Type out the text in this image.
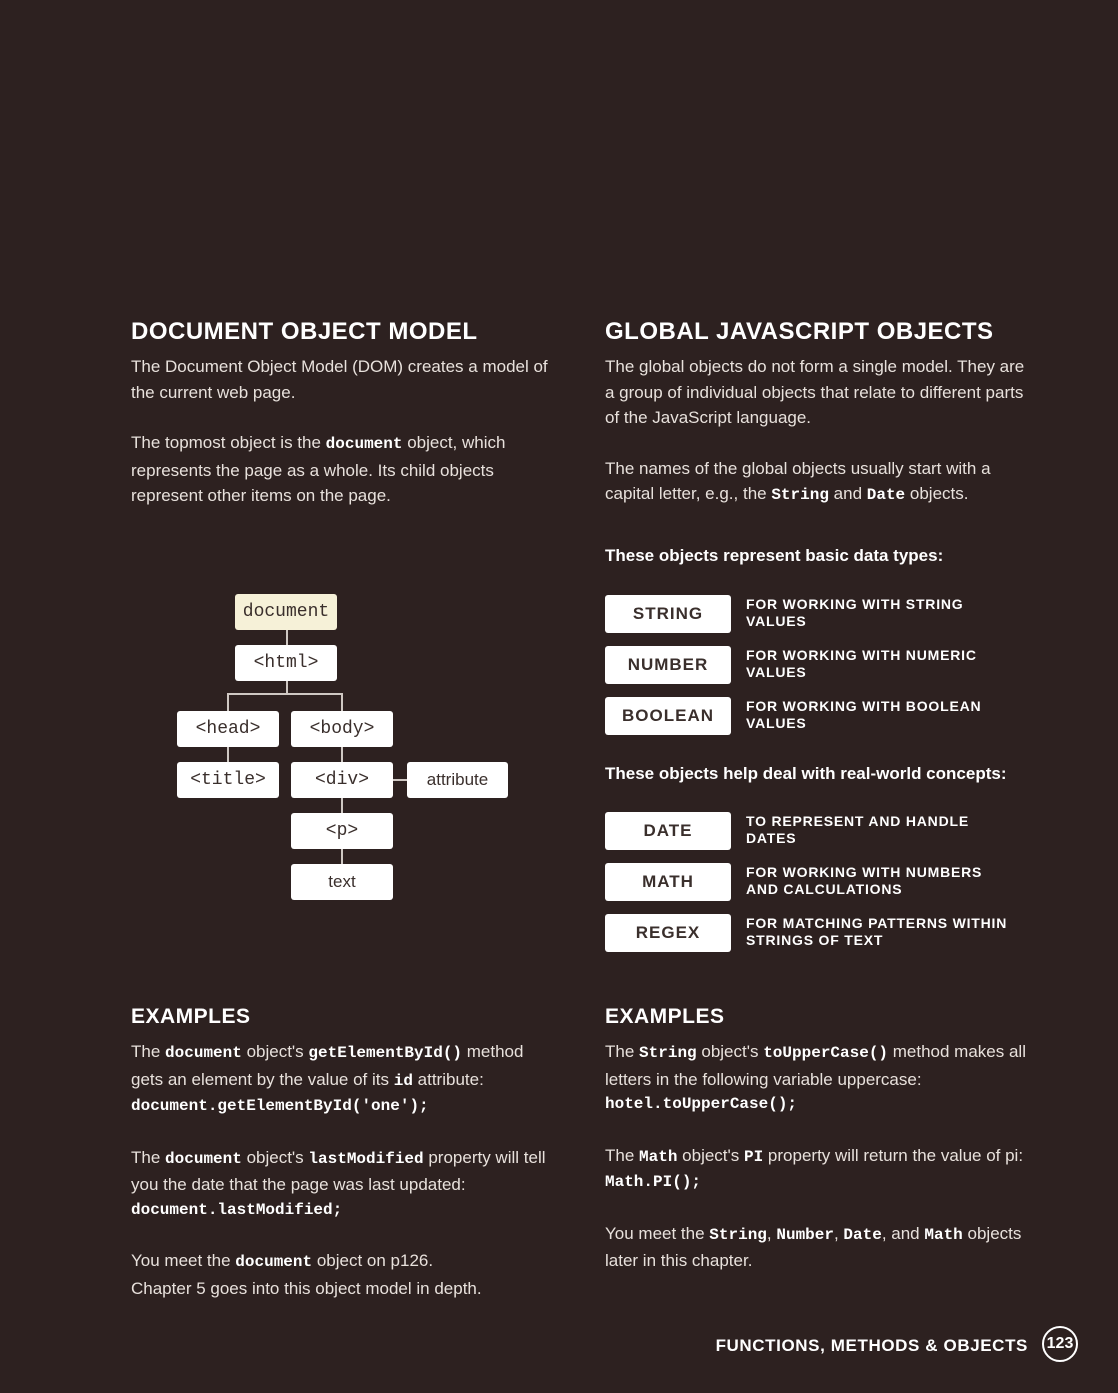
DOCUMENT OBJECT MODEL

The Document Object Model (DOM) creates a model of the current web page.

The topmost object is the document object, which represents the page as a whole. Its child objects represent other items on the page.

document
<html>
<head>	<body>
<title>	<div>	attribute
<p>
text
EXAMPLES

The document object's getElementById() method gets an element by the value of its id attribute:
document.getElementById('one');

The document object's lastModified property will tell you the date that the page was last updated:
document.lastModified;

You meet the document object on p126.
Chapter 5 goes into this object model in depth.

GLOBAL JAVASCRIPT OBJECTS

The global objects do not form a single model. They are a group of individual objects that relate to different parts of the JavaScript language.

The names of the global objects usually start with a capital letter, e.g., the String and Date objects.

These objects represent basic data types:
STRING	FOR WORKING WITH STRING VALUES
NUMBER	FOR WORKING WITH NUMERIC VALUES
BOOLEAN	FOR WORKING WITH BOOLEAN VALUES
These objects help deal with real-world concepts:
DATE	TO REPRESENT AND HANDLE DATES
MATH	FOR WORKING WITH NUMBERS AND CALCULATIONS
REGEX	FOR MATCHING PATTERNS WITHIN STRINGS OF TEXT
EXAMPLES

The String object's toUpperCase() method makes all letters in the following variable uppercase:
hotel.toUpperCase();

The Math object's PI property will return the value of pi:
Math.PI();

You meet the String, Number, Date, and Math objects later in this chapter.

FUNCTIONS, METHODS & OBJECTS 123
